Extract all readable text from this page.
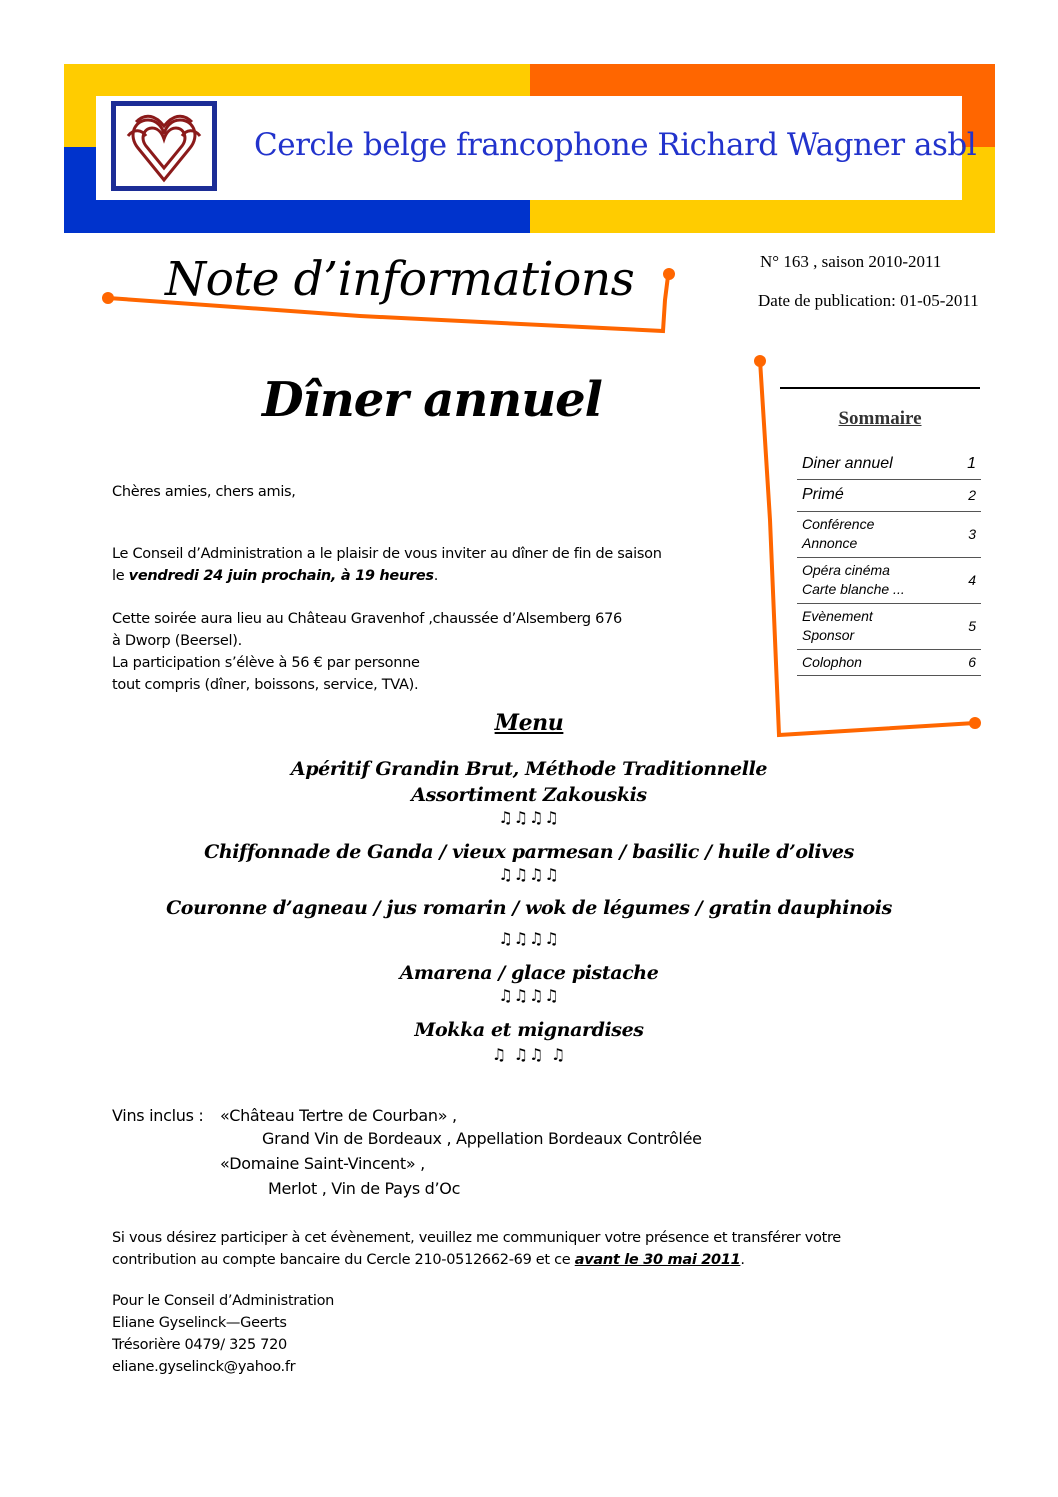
Cercle belge francophone Richard Wagner asbl
Note d’informations	N° 163 , saison 2010-2011
Date de publication: 01-05-2011
Dîner annuel	Sommaire
Diner annuel	1
Primé	2
Conférence
Annonce	3
Opéra cinéma
Carte blanche ...	4
Evènement
Sponsor	5
Colophon	6
Chères amies, chers amis,
Le Conseil d’Administration a le plaisir de vous inviter au dîner de fin de saison
le vendredi 24 juin prochain, à 19 heures.
Cette soirée aura lieu au Château Gravenhof ,chaussée d’Alsemberg 676
à Dworp (Beersel).
La participation s’élève à 56 € par personne
tout compris (dîner, boissons, service, TVA).
Menu
Apéritif Grandin Brut, Méthode Traditionnelle
Assortiment Zakouskis
♫♫♫♫
Chiffonnade de Ganda / vieux parmesan / basilic / huile d’olives
♫♫♫♫
Couronne d’agneau / jus romarin / wok de légumes / gratin dauphinois
♫♫♫♫
Amarena / glace pistache
♫♫♫♫
Mokka et mignardises
♫ ♫♫ ♫
Vins inclus : «Château Tertre de Courban» ,
Grand Vin de Bordeaux , Appellation Bordeaux Contrôlée
«Domaine Saint-Vincent» ,
Merlot , Vin de Pays d’Oc
Si vous désirez participer à cet évènement, veuillez me communiquer votre présence et transférer votre
contribution au compte bancaire du Cercle 210-0512662-69 et ce avant le 30 mai 2011.
Pour le Conseil d’Administration
Eliane Gyselinck—Geerts
Trésorière 0479/ 325 720
eliane.gyselinck@yahoo.fr
